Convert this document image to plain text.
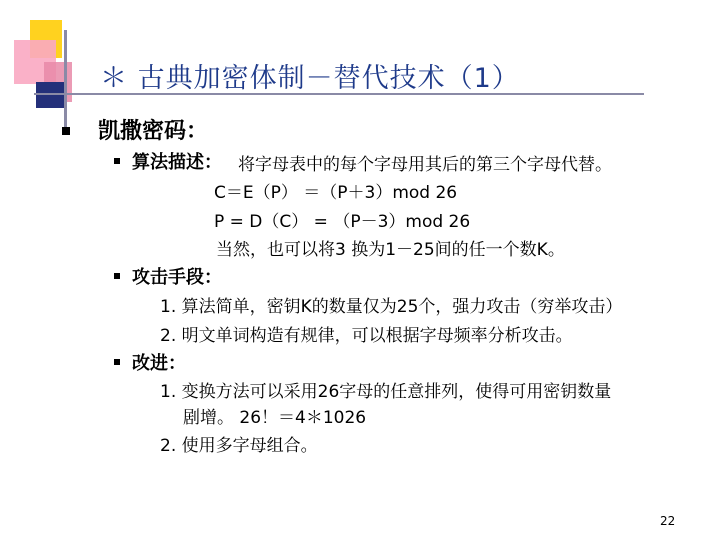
＊ 古典加密体制－替代技术（1）
凯撒密码：
算法描述： 将字母表中的每个字母用其后的第三个字母代替。
C＝E（P） ＝（P＋3）mod 26
P = D（C） = （P－3）mod 26
当然，也可以将3 换为1－25间的任一个数K。
攻击手段：
1. 算法简单，密钥K的数量仅为25个，强力攻击（穷举攻击）
2. 明文单词构造有规律，可以根据字母频率分析攻击。
改进：
1. 变换方法可以采用26字母的任意排列，使得可用密钥数量
剧增。 26！＝4＊1026
2. 使用多字母组合。
22
